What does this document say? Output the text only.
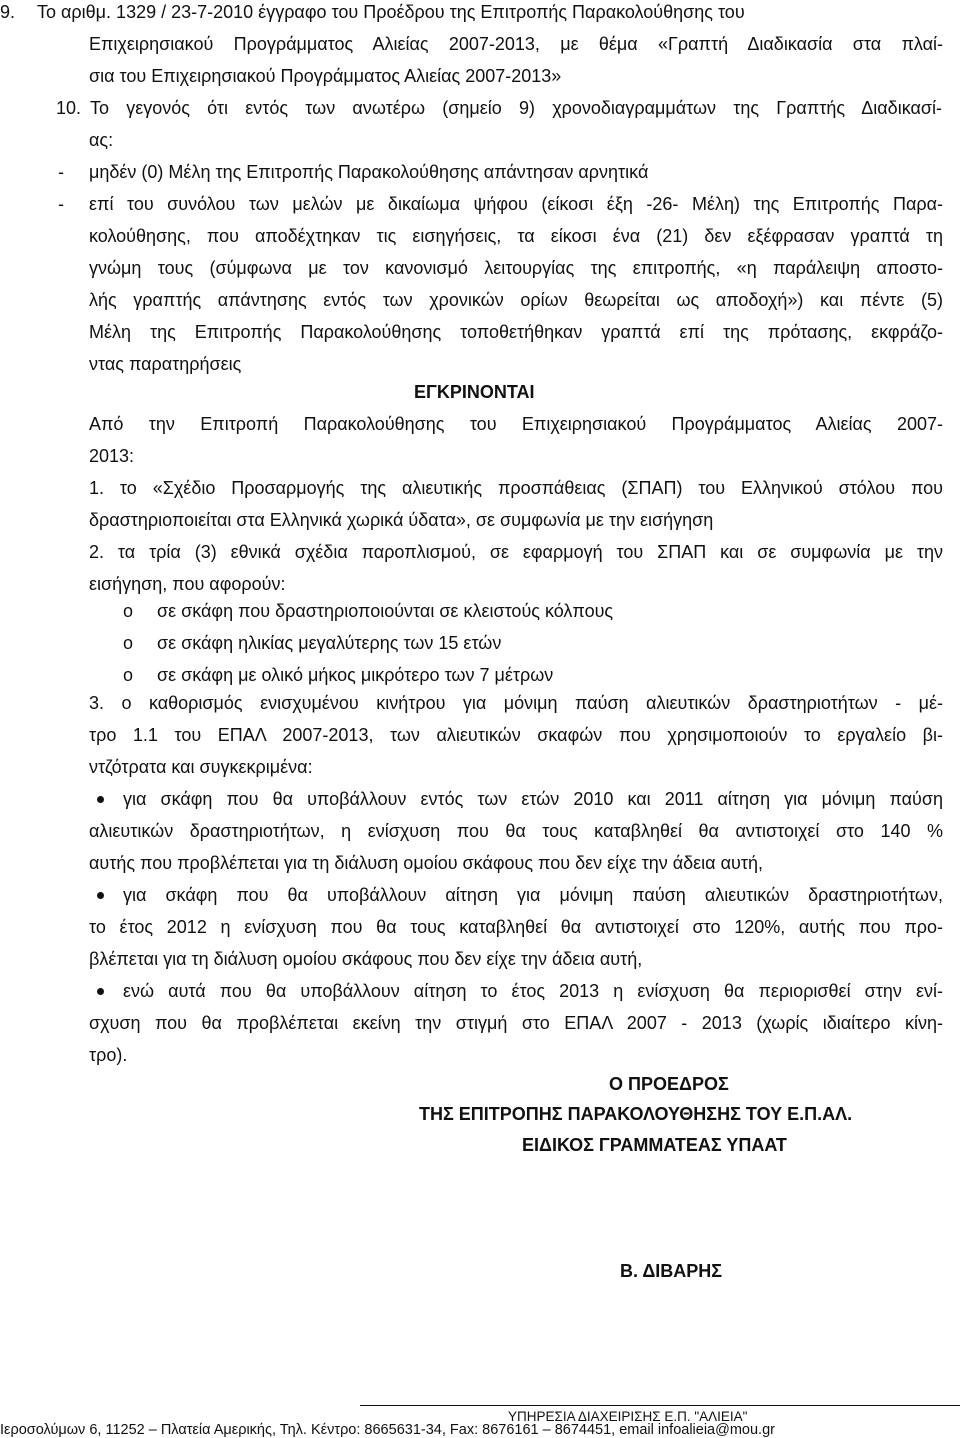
9. Το αριθμ. 1329 / 23-7-2010 έγγραφο του Προέδρου της Επιτροπής Παρακολούθησης του
Επιχειρησιακού Προγράμματος Αλιείας 2007-2013, με θέμα «Γραπτή Διαδικασία στα πλαί-
σια του Επιχειρησιακού Προγράμματος Αλιείας 2007-2013»
10. Το γεγονός ότι εντός των ανωτέρω (σημείο 9) χρονοδιαγραμμάτων της Γραπτής Διαδικασί-
ας:
- μηδέν (0) Μέλη της Επιτροπής Παρακολούθησης απάντησαν αρνητικά
- επί του συνόλου των μελών με δικαίωμα ψήφου (είκοσι έξη -26- Μέλη) της Επιτροπής Παρα-
κολούθησης, που αποδέχτηκαν τις εισηγήσεις, τα είκοσι ένα (21) δεν εξέφρασαν γραπτά τη
γνώμη τους (σύμφωνα με τον κανονισμό λειτουργίας της επιτροπής, «η παράλειψη αποστο-
λής γραπτής απάντησης εντός των χρονικών ορίων θεωρείται ως αποδοχή») και πέντε (5)
Μέλη της Επιτροπής Παρακολούθησης τοποθετήθηκαν γραπτά επί της πρότασης, εκφράζο-
ντας παρατηρήσεις
ΕΓΚΡΙΝΟΝΤΑΙ
Από την Επιτροπή Παρακολούθησης του Επιχειρησιακού Προγράμματος Αλιείας 2007-
2013:
1. το «Σχέδιο Προσαρμογής της αλιευτικής προσπάθειας (ΣΠΑΠ) του Ελληνικού στόλου που
δραστηριοποιείται στα Ελληνικά χωρικά ύδατα», σε συμφωνία με την εισήγηση
2. τα τρία (3) εθνικά σχέδια παροπλισμού, σε εφαρμογή του ΣΠΑΠ και σε συμφωνία με την
εισήγηση, που αφορούν:
o σε σκάφη που δραστηριοποιούνται σε κλειστούς κόλπους
o σε σκάφη ηλικίας μεγαλύτερης των 15 ετών
o σε σκάφη με ολικό μήκος μικρότερο των 7 μέτρων
3. ο καθορισμός ενισχυμένου κινήτρου για μόνιμη παύση αλιευτικών δραστηριοτήτων - μέ-
τρο 1.1 του ΕΠΑΛ 2007-2013, των αλιευτικών σκαφών που χρησιμοποιούν το εργαλείο βι-
ντζότρατα και συγκεκριμένα:
για σκάφη που θα υποβάλλουν εντός των ετών 2010 και 2011 αίτηση για μόνιμη παύση
αλιευτικών δραστηριοτήτων, η ενίσχυση που θα τους καταβληθεί θα αντιστοιχεί στο 140 %
αυτής που προβλέπεται για τη διάλυση ομοίου σκάφους που δεν είχε την άδεια αυτή,
για σκάφη που θα υποβάλλουν αίτηση για μόνιμη παύση αλιευτικών δραστηριοτήτων,
το έτος 2012 η ενίσχυση που θα τους καταβληθεί θα αντιστοιχεί στο 120%, αυτής που προ-
βλέπεται για τη διάλυση ομοίου σκάφους που δεν είχε την άδεια αυτή,
ενώ αυτά που θα υποβάλλουν αίτηση το έτος 2013 η ενίσχυση θα περιορισθεί στην ενί-
σχυση που θα προβλέπεται εκείνη την στιγμή στο ΕΠΑΛ 2007 - 2013 (χωρίς ιδιαίτερο κίνη-
τρο).
Ο ΠΡΟΕΔΡΟΣ
ΤΗΣ ΕΠΙΤΡΟΠΗΣ ΠΑΡΑΚΟΛΟΥΘΗΣΗΣ ΤΟΥ Ε.Π.ΑΛ.
ΕΙΔΙΚΟΣ ΓΡΑΜΜΑΤΕΑΣ ΥΠΑΑΤ
Β. ΔΙΒΑΡΗΣ
ΥΠΗΡΕΣΙΑ ΔΙΑΧΕΙΡΙΣΗΣ Ε.Π. "ΑΛΙΕΙΑ"
Ιεροσολύμων 6, 11252 – Πλατεία Αμερικής, Τηλ. Κέντρο: 8665631-34, Fax: 8676161 – 8674451, email infoalieia@mou.gr
